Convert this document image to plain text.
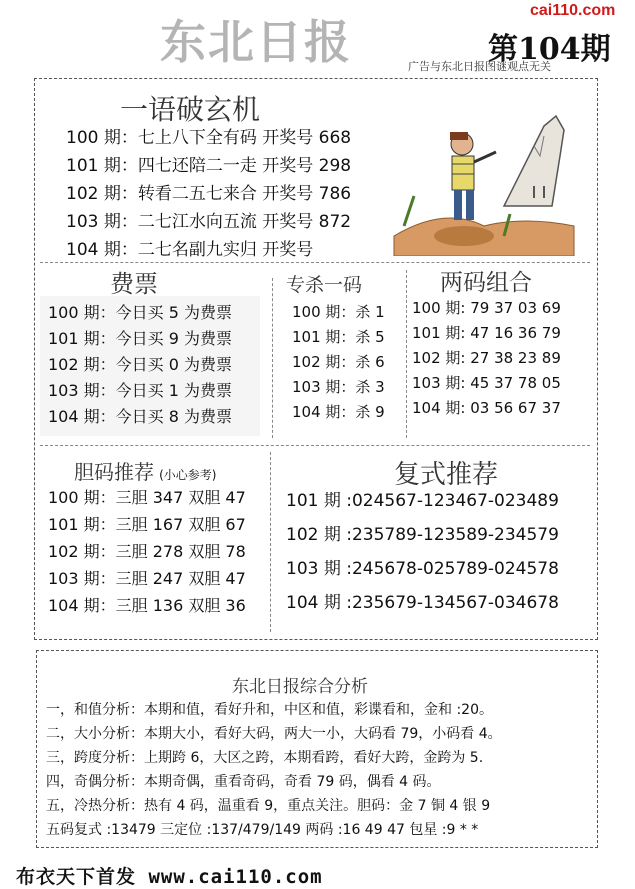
cai110.com
东北日报	第104期
广告与东北日报图谜观点无关
一语破玄机
100 期：七上八下全有码 开奖号 668
101 期：四七还陪二一走 开奖号 298
102 期：转看二五七来合 开奖号 786
103 期：二七江水向五流 开奖号 872
104 期：二七名副九实归 开奖号
费票
100 期：今日买 5 为费票
101 期：今日买 9 为费票
102 期：今日买 0 为费票
103 期：今日买 1 为费票
104 期：今日买 8 为费票
专杀一码
100 期：杀 1
101 期：杀 5
102 期：杀 6
103 期：杀 3
104 期：杀 9
两码组合
100 期: 79 37 03 69
101 期: 47 16 36 79
102 期: 27 38 23 89
103 期: 45 37 78 05
104 期: 03 56 67 37
胆码推荐 (小心参考)
100 期：三胆 347 双胆 47
101 期：三胆 167 双胆 67
102 期：三胆 278 双胆 78
103 期：三胆 247 双胆 47
104 期：三胆 136 双胆 36
复式推荐
101 期 :024567-123467-023489
102 期 :235789-123589-234579
103 期 :245678-025789-024578
104 期 :235679-134567-034678
东北日报综合分析
一，和值分析：本期和值，看好升和，中区和值，彩谍看和，金和 :20。
二，大小分析：本期大小，看好大码，两大一小，大码看 79，小码看 4。
三，跨度分析：上期跨 6，大区之跨，本期看跨，看好大跨，金跨为 5.
四，奇偶分析：本期奇偶，重看奇码，奇看 79 码，偶看 4 码。
五，冷热分析：热有 4 码，温重看 9，重点关注。胆码：金 7 铜 4 银 9
五码复式 :13479 三定位 :137/479/149 两码 :16 49 47 包星 :9 * *
布衣天下首发 www.cai110.com
